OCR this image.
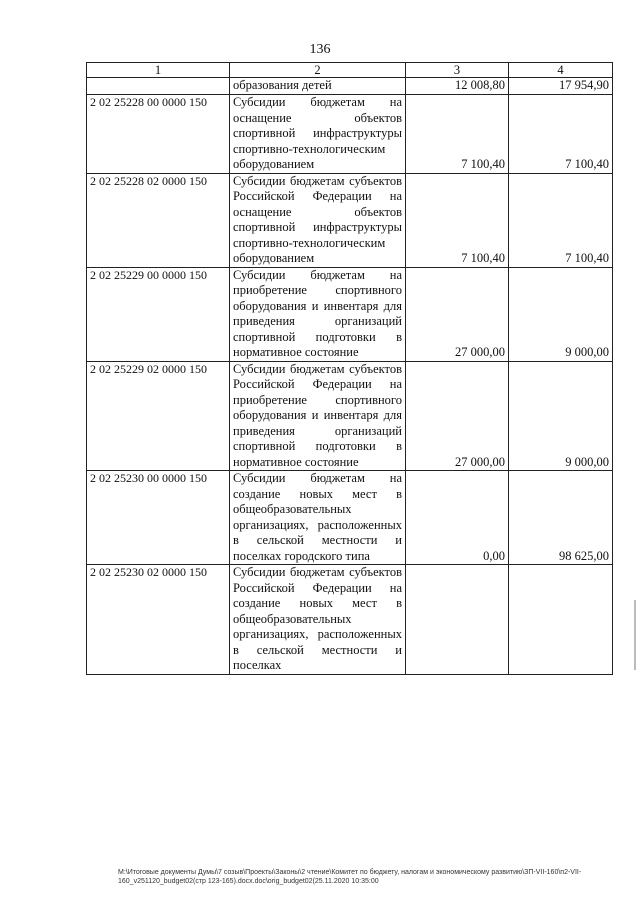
136
1	2	3	4
	образования детей	12 008,80	17 954,90
2 02 25228 00 0000 150	Субсидии бюджетам на оснащение объектов спортивной инфраструктуры спортивно-технологическим оборудованием	7 100,40	7 100,40
2 02 25228 02 0000 150	Субсидии бюджетам субъектов Российской Федерации на оснащение объектов спортивной инфраструктуры спортивно-технологическим оборудованием	7 100,40	7 100,40
2 02 25229 00 0000 150	Субсидии бюджетам на приобретение спортивного оборудования и инвентаря для приведения организаций спортивной подготовки в нормативное состояние	27 000,00	9 000,00
2 02 25229 02 0000 150	Субсидии бюджетам субъектов Российской Федерации на приобретение спортивного оборудования и инвентаря для приведения организаций спортивной подготовки в нормативное состояние	27 000,00	9 000,00
2 02 25230 00 0000 150	Субсидии бюджетам на создание новых мест в общеобразовательных организациях, расположенных в сельской местности и поселках городского типа	0,00	98 625,00
2 02 25230 02 0000 150	Субсидии бюджетам субъектов Российской Федерации на создание новых мест в общеобразовательных организациях, расположенных в сельской местности и поселках		
М:\Итоговые документы Думы\7 созыв\Проекты\Законы\2 чтение\Комитет по бюджету, налогам и экономическому развитию\ЗП-VII-160\п2-VII-
160_v251120_budget02(стр 123-165).docx.doc\orig_budget02(25.11.2020 10:35:00
